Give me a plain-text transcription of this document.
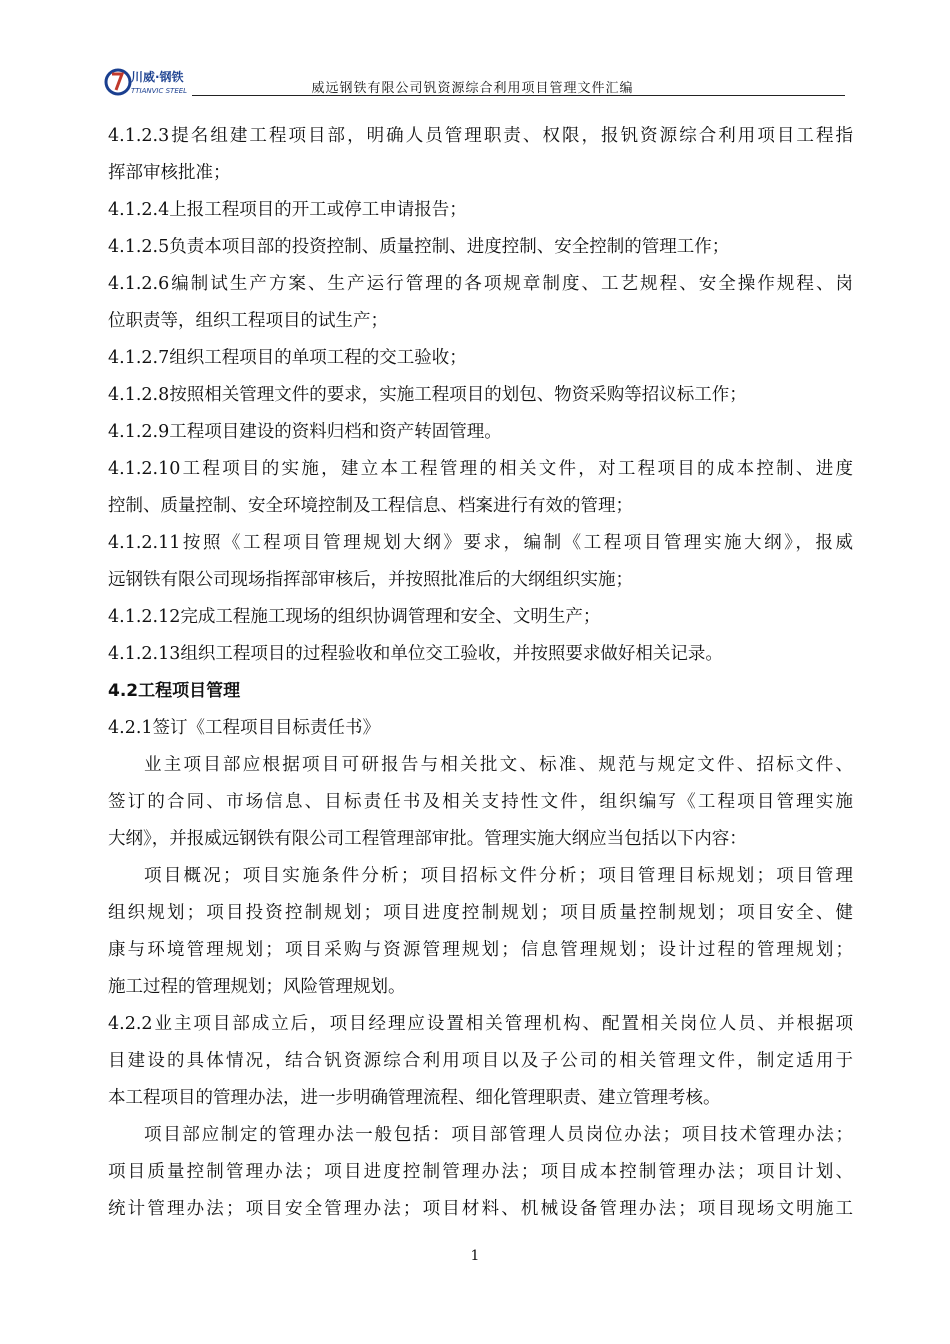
川威·钢铁
TTIANVIC STEEL	威远钢铁有限公司钒资源综合利用项目管理文件汇编
4.1.2.3提名组建工程项目部，明确人员管理职责、权限，报钒资源综合利用项目工程指
挥部审核批准；
4.1.2.4上报工程项目的开工或停工申请报告；
4.1.2.5负责本项目部的投资控制、质量控制、进度控制、安全控制的管理工作；
4.1.2.6编制试生产方案、生产运行管理的各项规章制度、工艺规程、安全操作规程、岗
位职责等，组织工程项目的试生产；
4.1.2.7组织工程项目的单项工程的交工验收；
4.1.2.8按照相关管理文件的要求，实施工程项目的划包、物资采购等招议标工作；
4.1.2.9工程项目建设的资料归档和资产转固管理。
4.1.2.10工程项目的实施，建立本工程管理的相关文件，对工程项目的成本控制、进度
控制、质量控制、安全环境控制及工程信息、档案进行有效的管理；
4.1.2.11按照《工程项目管理规划大纲》要求，编制《工程项目管理实施大纲》，报威
远钢铁有限公司现场指挥部审核后，并按照批准后的大纲组织实施；
4.1.2.12完成工程施工现场的组织协调管理和安全、文明生产；
4.1.2.13组织工程项目的过程验收和单位交工验收，并按照要求做好相关记录。
4.2工程项目管理
4.2.1签订《工程项目目标责任书》
业主项目部应根据项目可研报告与相关批文、标准、规范与规定文件、招标文件、
签订的合同、市场信息、目标责任书及相关支持性文件，组织编写《工程项目管理实施
大纲》，并报威远钢铁有限公司工程管理部审批。管理实施大纲应当包括以下内容：
项目概况；项目实施条件分析；项目招标文件分析；项目管理目标规划；项目管理
组织规划；项目投资控制规划；项目进度控制规划；项目质量控制规划；项目安全、健
康与环境管理规划；项目采购与资源管理规划；信息管理规划；设计过程的管理规划；
施工过程的管理规划；风险管理规划。
4.2.2业主项目部成立后，项目经理应设置相关管理机构、配置相关岗位人员、并根据项
目建设的具体情况，结合钒资源综合利用项目以及子公司的相关管理文件，制定适用于
本工程项目的管理办法，进一步明确管理流程、细化管理职责、建立管理考核。
项目部应制定的管理办法一般包括：项目部管理人员岗位办法；项目技术管理办法；
项目质量控制管理办法；项目进度控制管理办法；项目成本控制管理办法；项目计划、
统计管理办法；项目安全管理办法；项目材料、机械设备管理办法；项目现场文明施工
1
